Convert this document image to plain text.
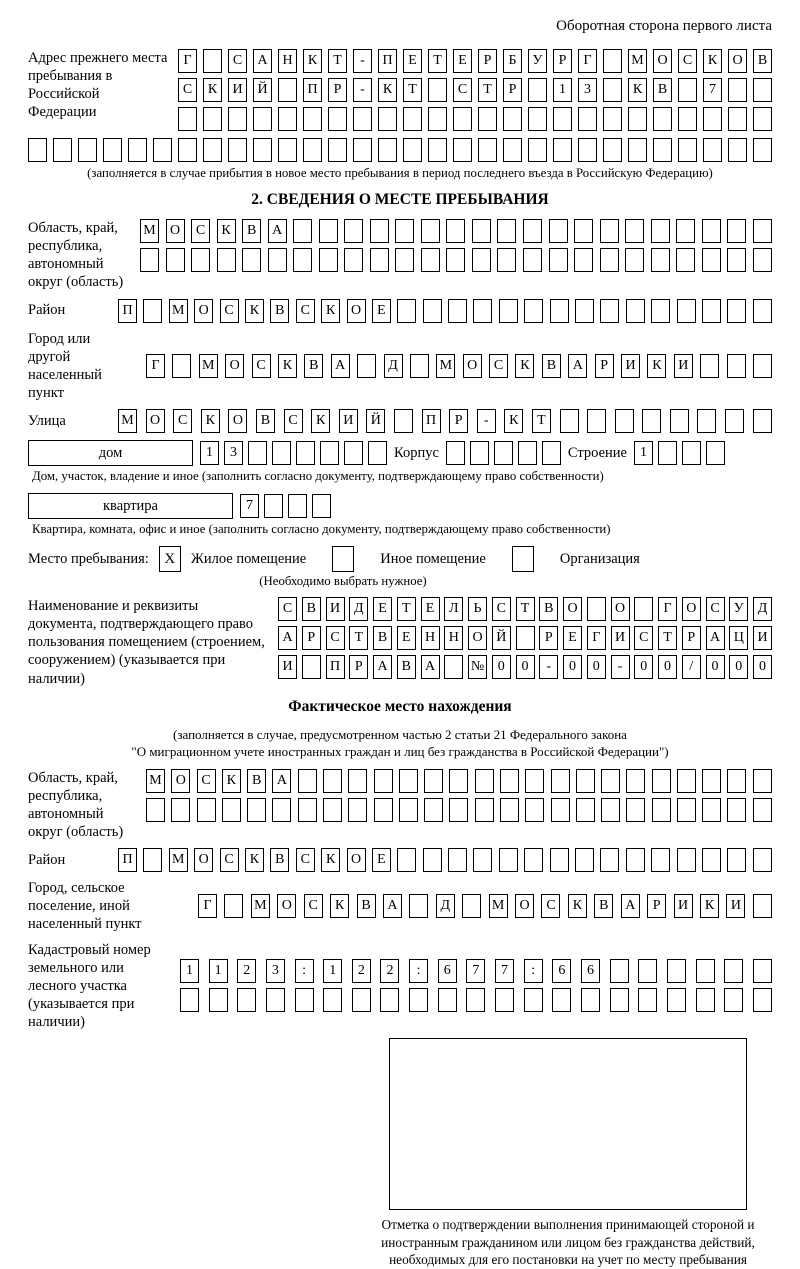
Оборотная сторона первого листа
Адрес прежнего места пребывания в Российской Федерации
Г	С	А	Н	К	Т	-	П	Е	Т	Е	Р	Б	У	Р	Г	М О	С	К	О	В
С	К	И	Й	П	Р	-	К	Т	С	Т	Р	1	3	К	В	7
(заполняется в случае прибытия в новое место пребывания в период последнего въезда в Российскую Федерацию)
2. СВЕДЕНИЯ О МЕСТЕ ПРЕБЫВАНИЯ
Область, край, республика, автономный округ (область)
М	О	С	К	В	А
Район	П	М	О	С	К	В	С	К	О	Е
Город или другой населенный пункт
Г	М	О	С	К	В	А	Д	М	О	С	К	В	А	Р	И	К	И
Улица	М	О	С	К	О	В	С	К	И	Й	П	Р	-	К	Т
дом	1	3	Корпус	Строение 1
Дом, участок, владение и иное (заполнить согласно документу, подтверждающему право собственности)
квартира	7
Квартира, комната, офис и иное (заполнить согласно документу, подтверждающему право собственности)
Место пребывания:	X	Жилое помещение	Иное помещение	Организация
(Необходимо выбрать нужное)
Наименование и реквизиты документа, подтверждающего право пользования помещением (строением, сооружением) (указывается при наличии)
С	В	И Д	Е	Т	Е	Л	Ь	С	Т	В	О	О	Г	О	С	У	Д
А	Р	С	Т	В	Е	Н Н О Й	Р	Е	Г	И	С	Т	Р	А Ц И
И	П	Р	А	В	А	№ 0	0	-	0	0	-	0	0	/	0	0	0
Фактическое место нахождения
(заполняется в случае, предусмотренном частью 2 статьи 21 Федерального закона
"О миграционном учете иностранных граждан и лиц без гражданства в Российской Федерации")
Область, край, республика, автономный округ (область)
М	О	С	К	В	А
Район	П	М	О	С	К	В	С	К	О	Е
Город, сельское поселение, иной населенный пункт
Г	М	О	С	К	В	А	Д	М	О	С	К	В	А	Р	И	К	И
Кадастровый номер земельного или лесного участка (указывается при наличии)
1	1	2	3	:	1	2	2	:	6	7	7	:	6	6
Отметка о подтверждении выполнения принимающей стороной и иностранным гражданином или лицом без гражданства действий, необходимых для его постановки на учет по месту пребывания
